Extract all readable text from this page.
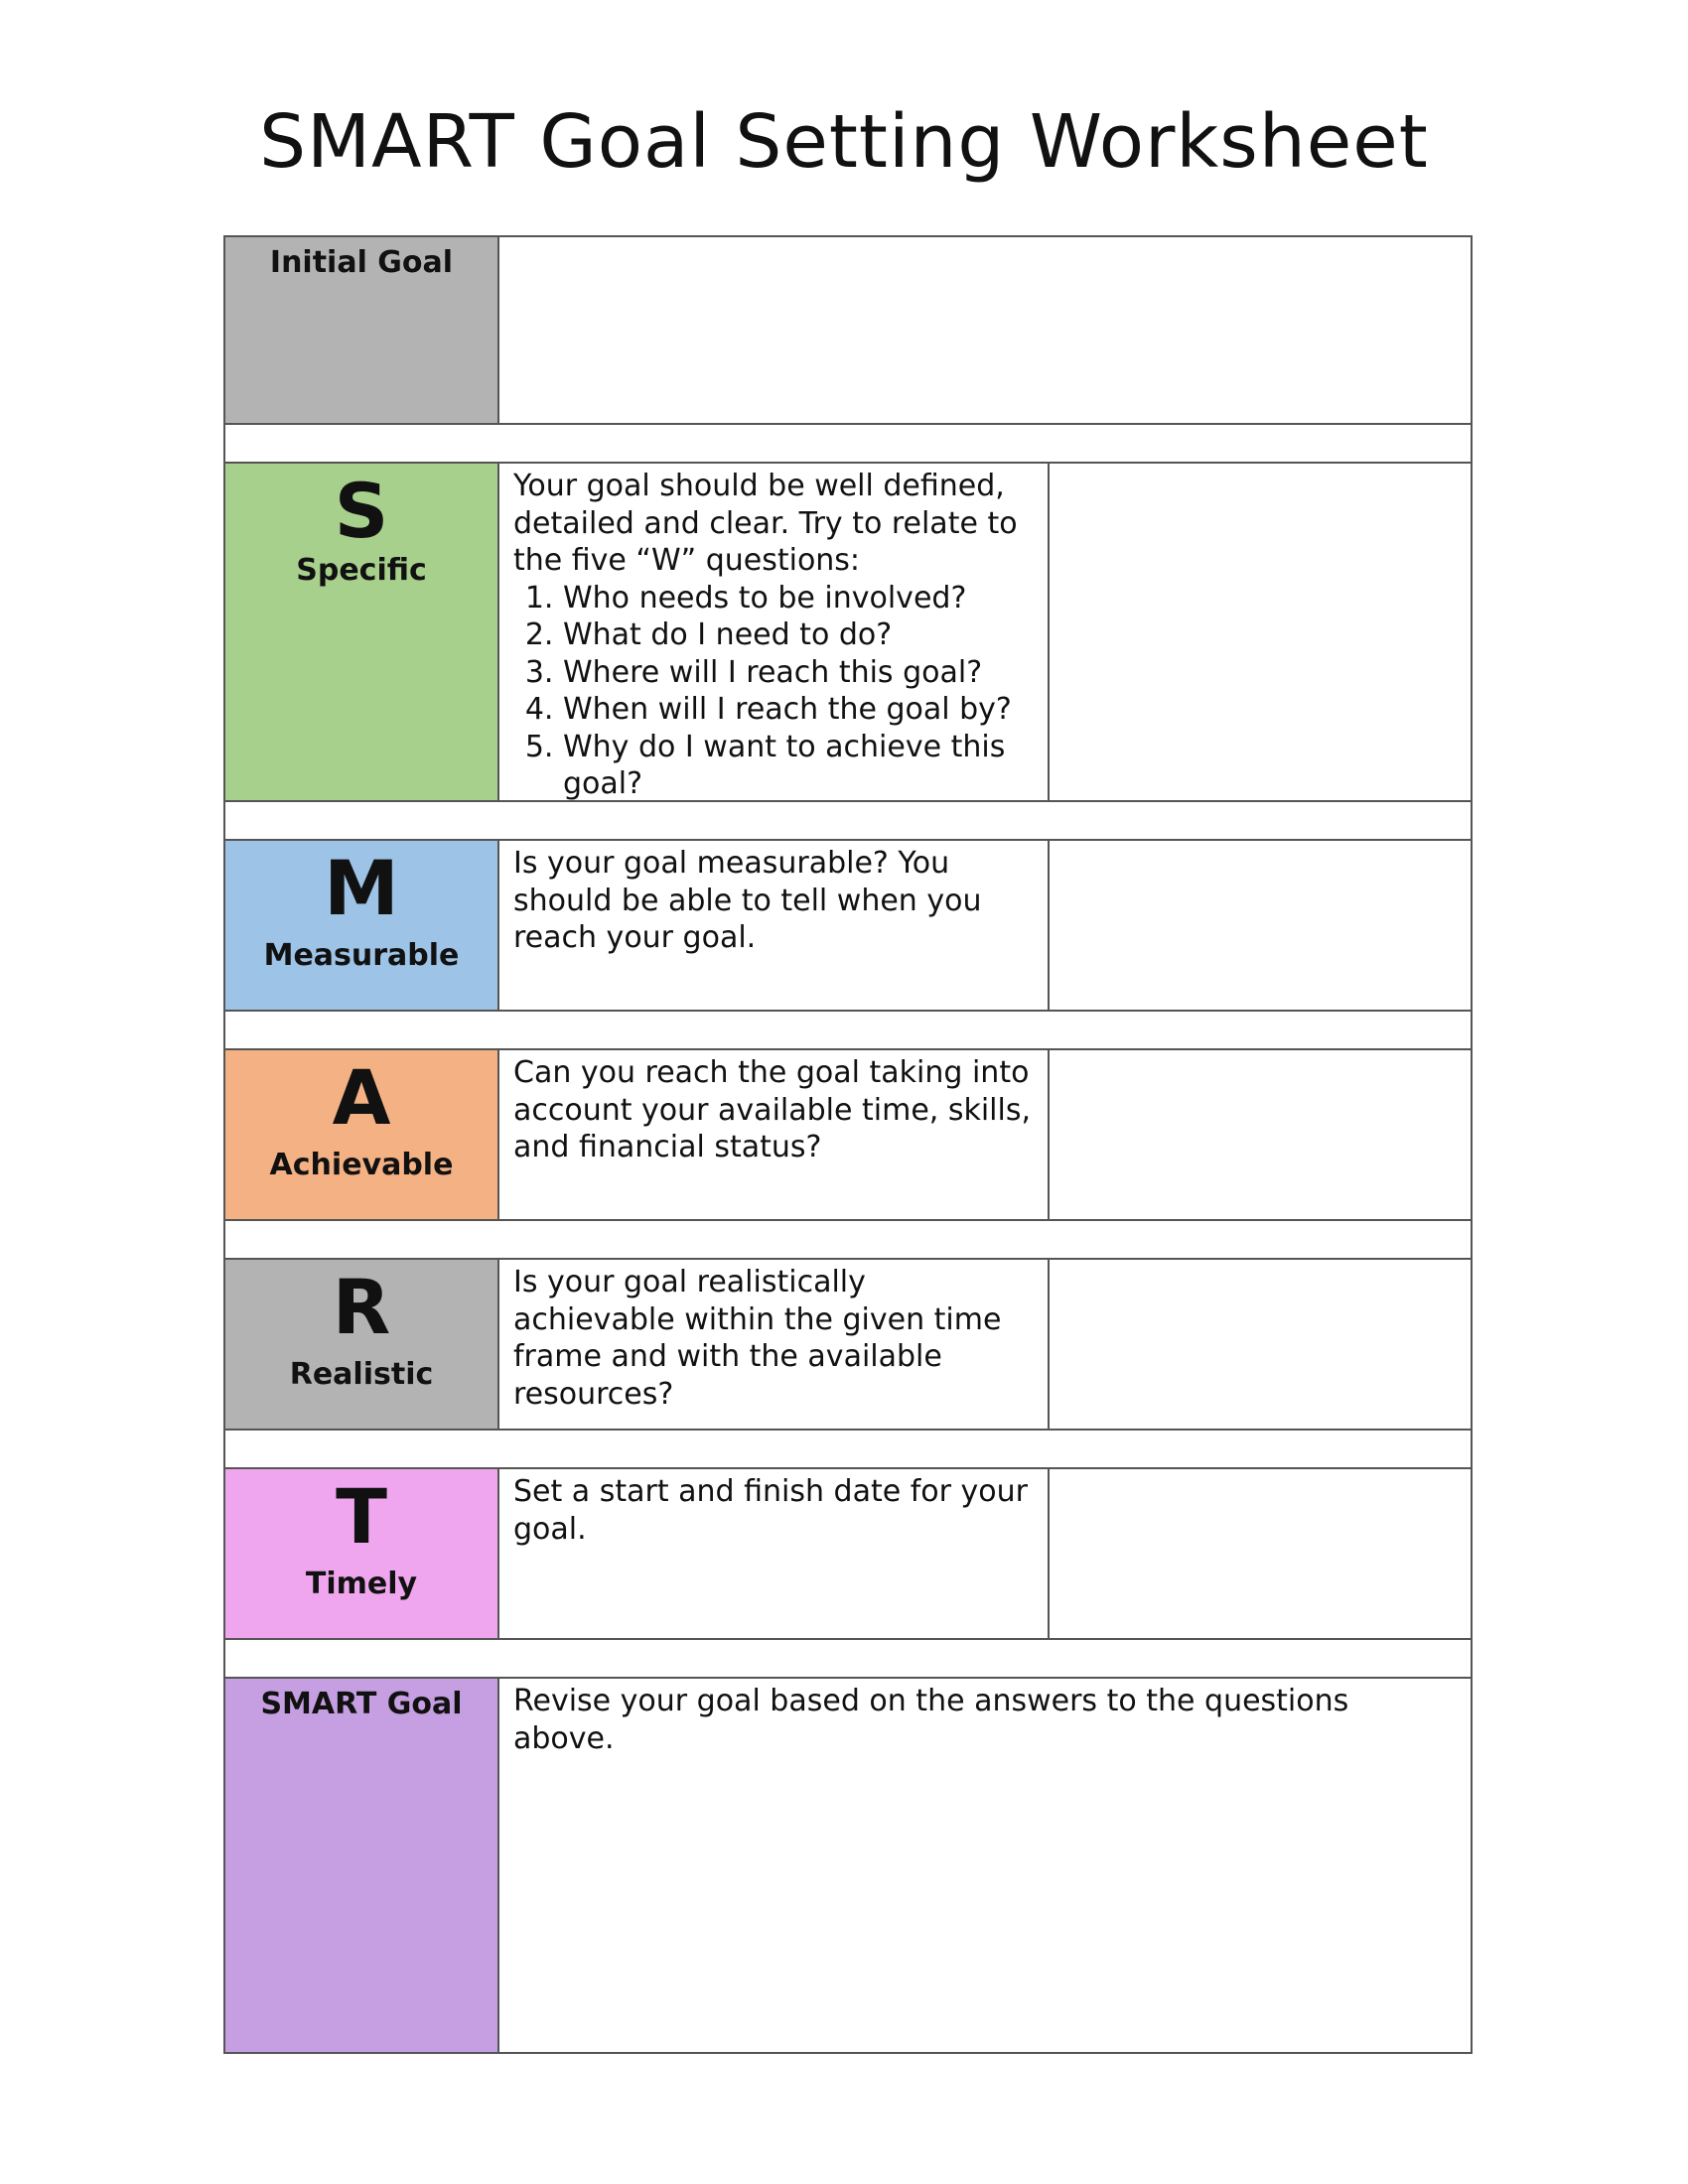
SMART Goal Setting Worksheet
Initial Goal
S
Specific
Your goal should be well defined, detailed and clear. Try to relate to the five “W” questions:
1. Who needs to be involved?
2. What do I need to do?
3. Where will I reach this goal?
4. When will I reach the goal by?
5. Why do I want to achieve this goal?
M
Measurable
Is your goal measurable? You should be able to tell when you reach your goal.
A
Achievable
Can you reach the goal taking into account your available time, skills, and financial status?
R
Realistic
Is your goal realistically achievable within the given time frame and with the available resources?
T
Timely
Set a start and finish date for your goal.
SMART Goal	Revise your goal based on the answers to the questions above.
